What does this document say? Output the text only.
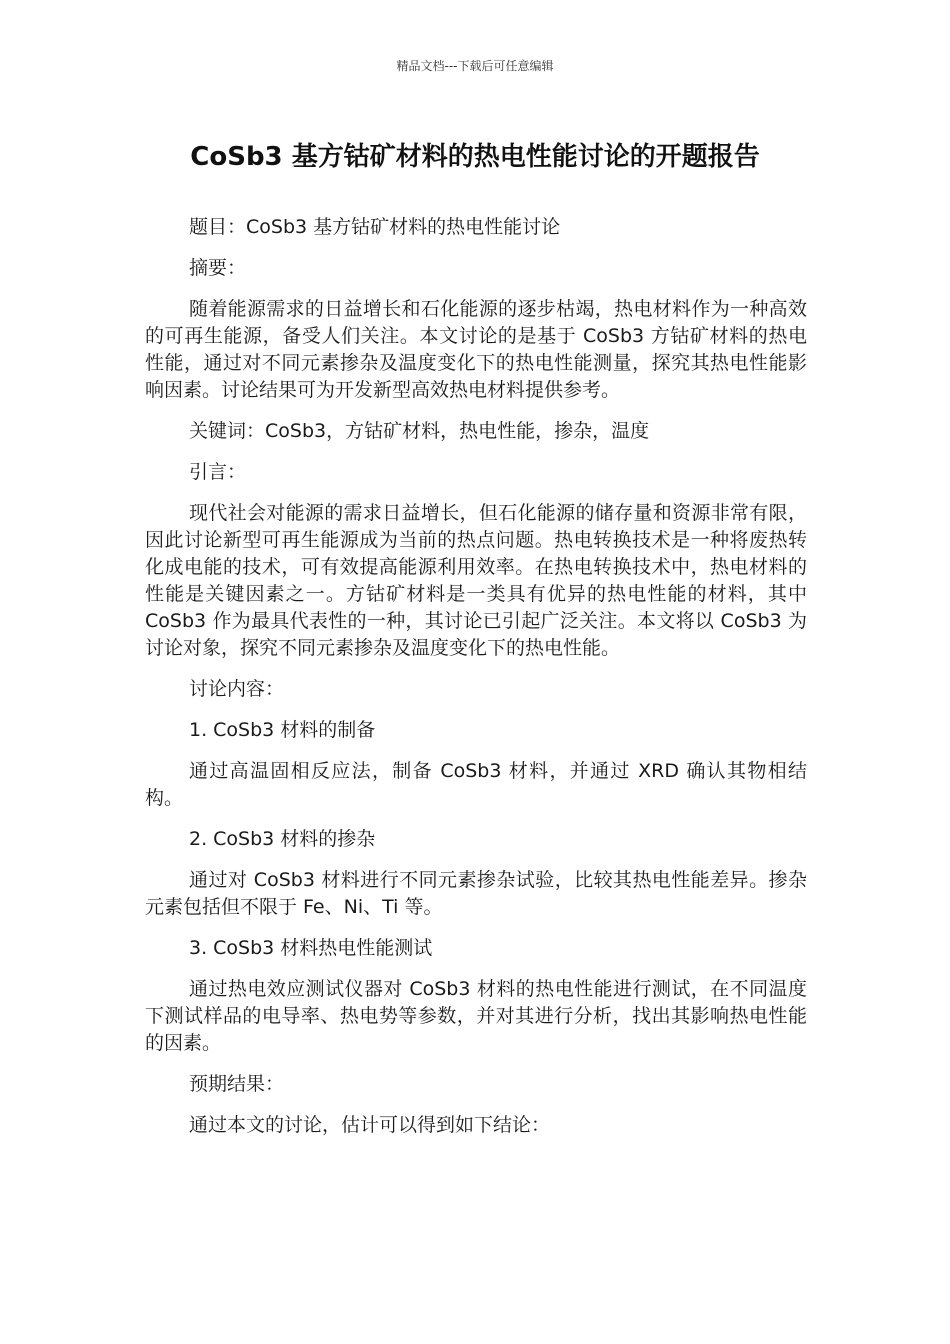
精品文档---下载后可任意编辑
CoSb3 基方钴矿材料的热电性能讨论的开题报告

题目：CoSb3 基方钴矿材料的热电性能讨论

摘要：

随着能源需求的日益增长和石化能源的逐步枯竭，热电材料作为一种高效的可再生能源，备受人们关注。本文讨论的是基于 CoSb3 方钴矿材料的热电性能，通过对不同元素掺杂及温度变化下的热电性能测量，探究其热电性能影响因素。讨论结果可为开发新型高效热电材料提供参考。

关键词：CoSb3，方钴矿材料，热电性能，掺杂，温度

引言：

现代社会对能源的需求日益增长，但石化能源的储存量和资源非常有限，因此讨论新型可再生能源成为当前的热点问题。热电转换技术是一种将废热转化成电能的技术，可有效提高能源利用效率。在热电转换技术中，热电材料的性能是关键因素之一。方钴矿材料是一类具有优异的热电性能的材料，其中 CoSb3 作为最具代表性的一种，其讨论已引起广泛关注。本文将以 CoSb3 为讨论对象，探究不同元素掺杂及温度变化下的热电性能。

讨论内容：

1. CoSb3 材料的制备

通过高温固相反应法，制备 CoSb3 材料，并通过 XRD 确认其物相结构。

2. CoSb3 材料的掺杂

通过对 CoSb3 材料进行不同元素掺杂试验，比较其热电性能差异。掺杂元素包括但不限于 Fe、Ni、Ti 等。

3. CoSb3 材料热电性能测试

通过热电效应测试仪器对 CoSb3 材料的热电性能进行测试，在不同温度下测试样品的电导率、热电势等参数，并对其进行分析，找出其影响热电性能的因素。

预期结果：

通过本文的讨论，估计可以得到如下结论：
